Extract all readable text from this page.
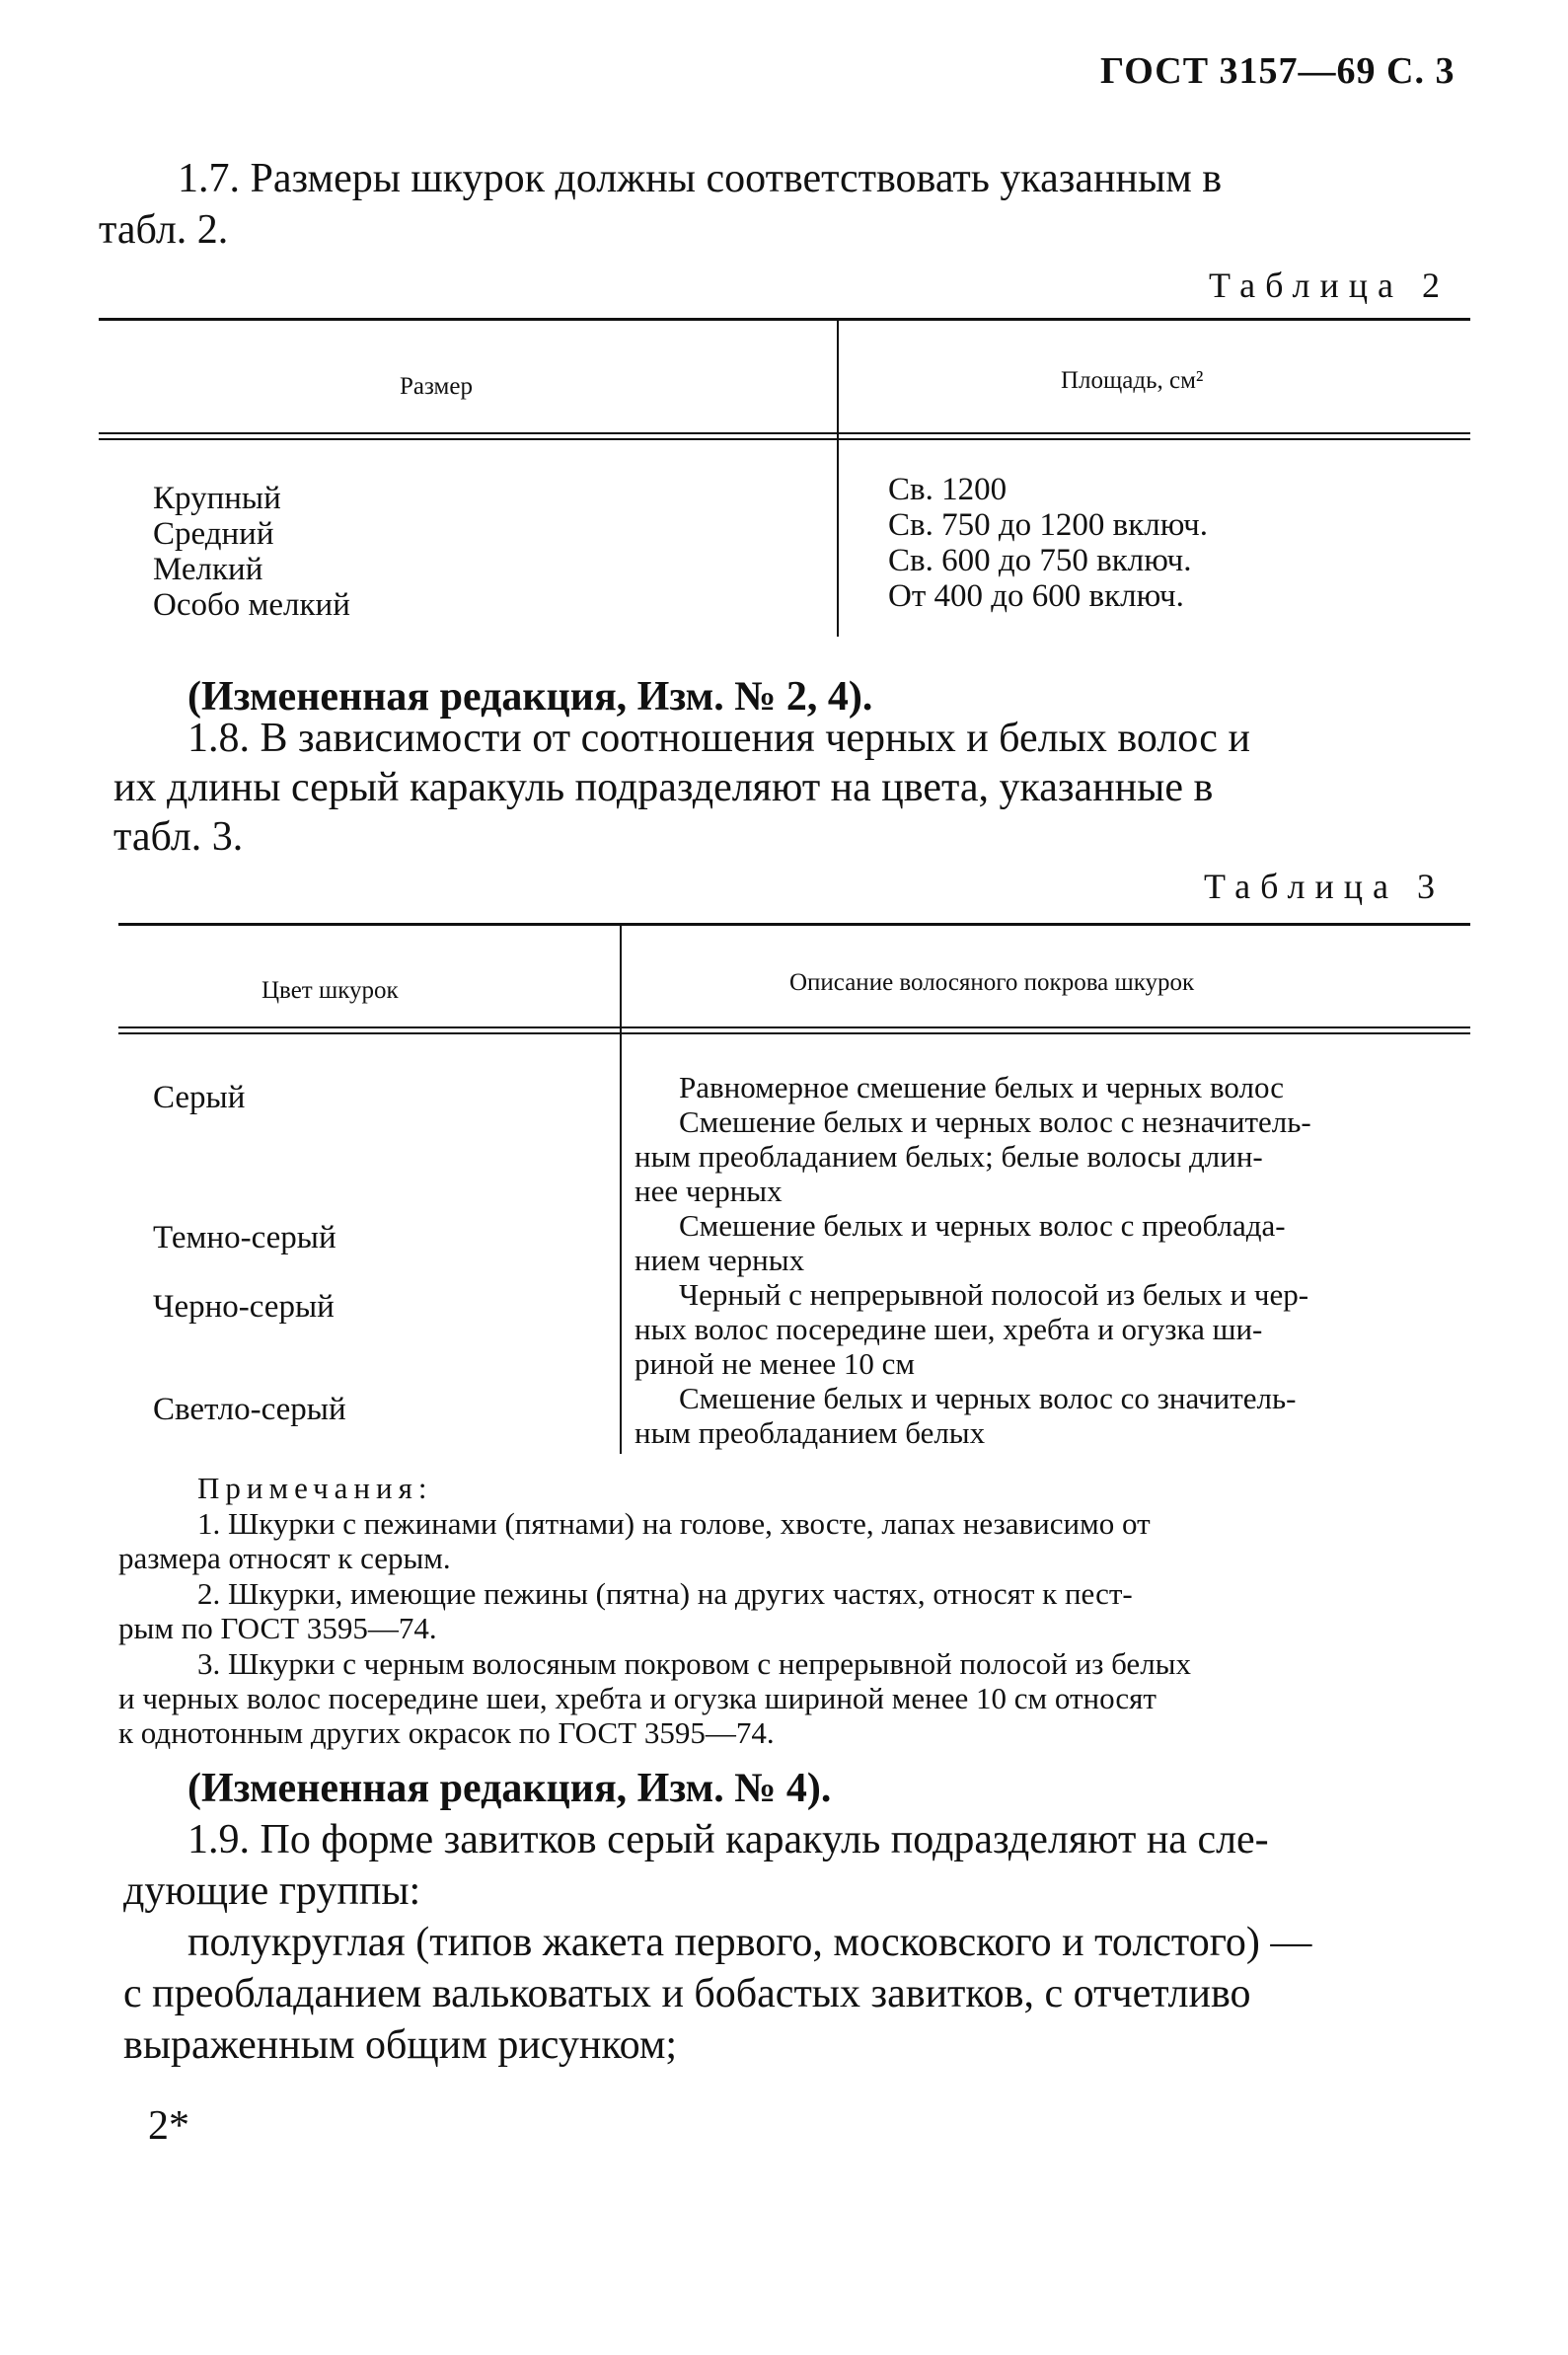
ГОСТ 3157—69 С. 3
1.7. Размеры шкурок должны соответствовать указанным в
табл. 2.
Таблица 2
Размер	Площадь, см²
Крупный
Средний
Мелкий
Особо мелкий
Св. 1200
Св. 750 до 1200 включ.
Св. 600 до 750 включ.
От 400 до 600 включ.
(Измененная редакция, Изм. № 2, 4).
1.8. В зависимости от соотношения черных и белых волос и
их длины серый каракуль подразделяют на цвета, указанные в
табл. 3.
Таблица 3
Цвет шкурок	Описание волосяного покрова шкурок
Серый
Темно-серый
Черно-серый
Светло-серый
Равномерное смешение белых и черных волос
Смешение белых и черных волос с незначитель-
ным преобладанием белых; белые волосы длин-
нее черных
Смешение белых и черных волос с преоблада-
нием черных
Черный с непрерывной полосой из белых и чер-
ных волос посередине шеи, хребта и огузка ши-
риной не менее 10 см
Смешение белых и черных волос со значитель-
ным преобладанием белых
Примечания:
1. Шкурки с пежинами (пятнами) на голове, хвосте, лапах независимо от
размера относят к серым.
2. Шкурки, имеющие пежины (пятна) на других частях, относят к пест-
рым по ГОСТ 3595—74.
3. Шкурки с черным волосяным покровом с непрерывной полосой из белых
и черных волос посередине шеи, хребта и огузка шириной менее 10 см относят
к однотонным других окрасок по ГОСТ 3595—74.
(Измененная редакция, Изм. № 4).
1.9. По форме завитков серый каракуль подразделяют на сле-
дующие группы:
полукруглая (типов жакета первого, московского и толстого) —
с преобладанием вальковатых и бобастых завитков, с отчетливо
выраженным общим рисунком;
2*
